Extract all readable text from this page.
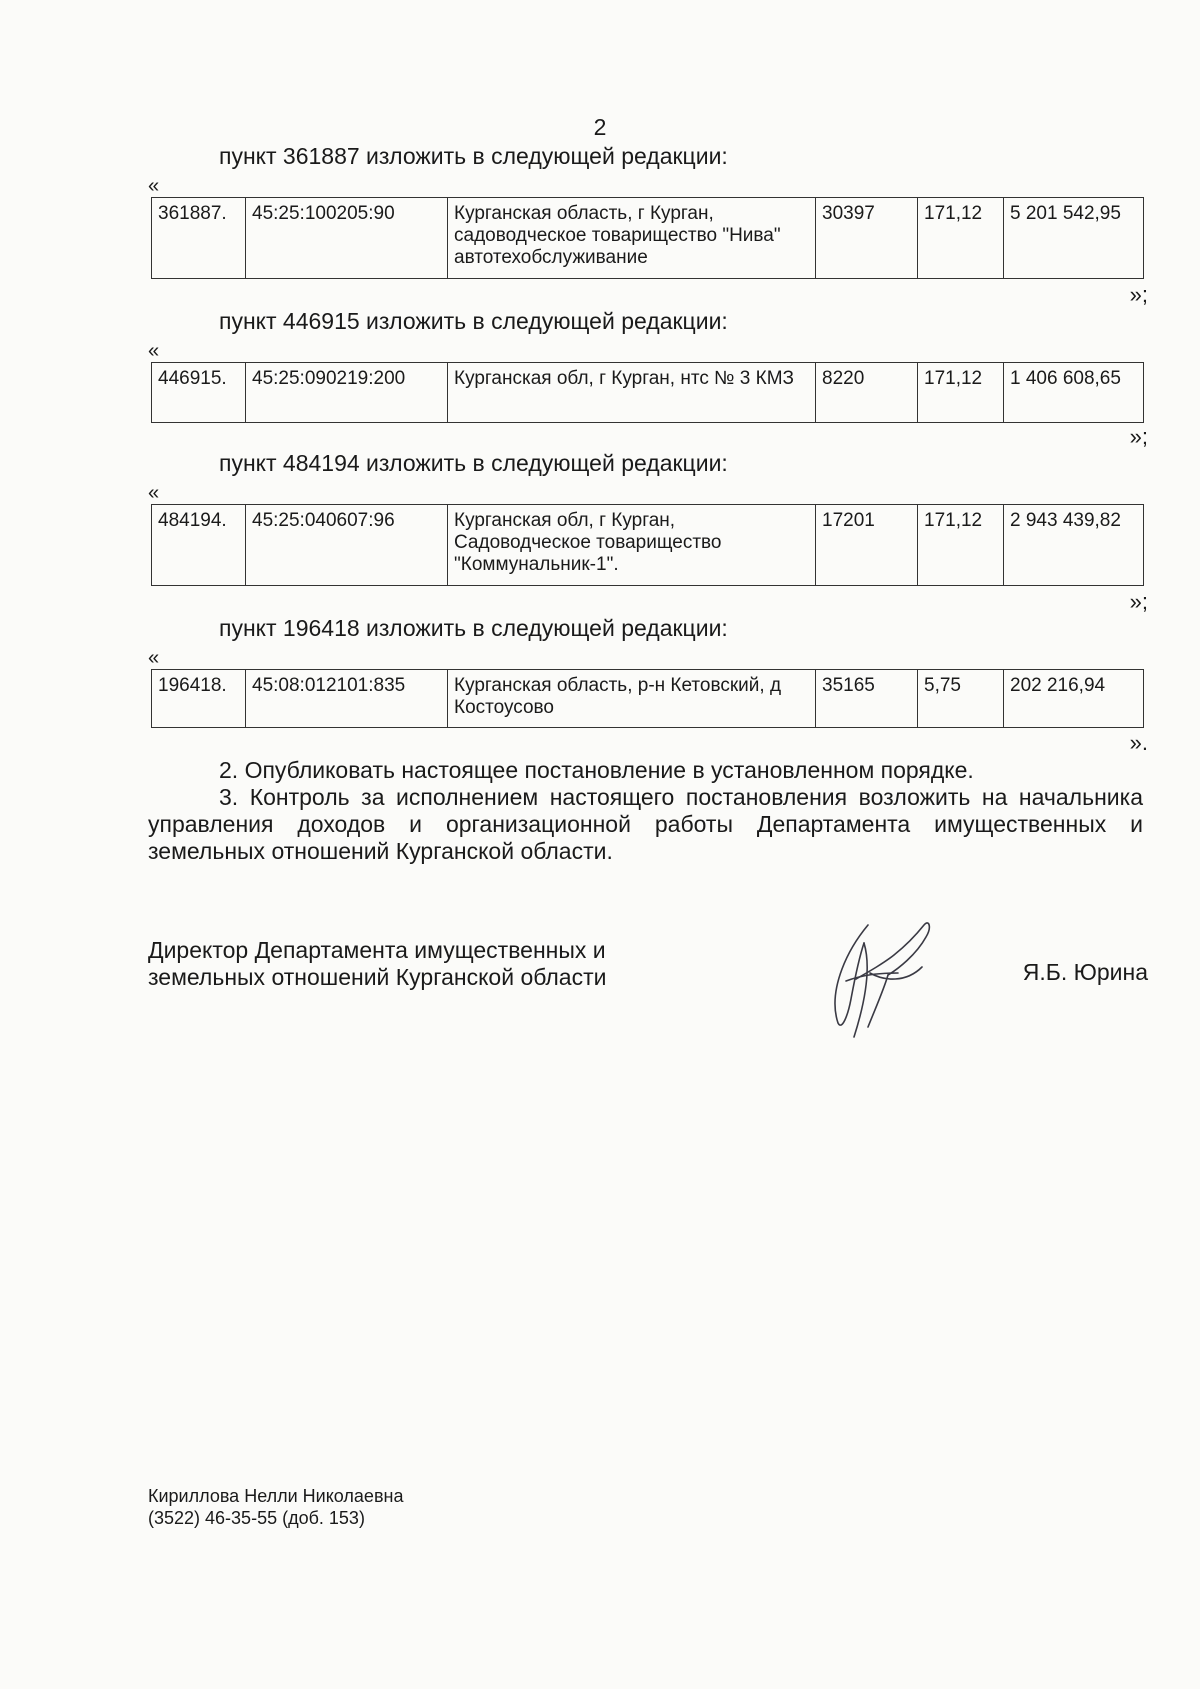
2
пункт 361887 изложить в следующей редакции:
«
361887.	45:25:100205:90	Курганская область, г Курган, садоводческое товарищество "Нива" автотехобслуживание	30397	171,12	5 201 542,95
»;
пункт 446915 изложить в следующей редакции:
«
446915.	45:25:090219:200	Курганская обл, г Курган, нтс № 3 КМЗ	8220	171,12	1 406 608,65
»;
пункт 484194 изложить в следующей редакции:
«
484194.	45:25:040607:96	Курганская обл, г Курган, Садоводческое товарищество "Коммунальник-1".	17201	171,12	2 943 439,82
»;
пункт 196418 изложить в следующей редакции:
«
196418.	45:08:012101:835	Курганская область, р-н Кетовский, д Костоусово	35165	5,75	202 216,94
».

2. Опубликовать настоящее постановление в установленном порядке.

3. Контроль за исполнением настоящего постановления возложить на начальника управления доходов и организационной работы Департамента имущественных и земельных отношений Курганской области.

Директор Департамента имущественных и земельных отношений Курганской области	Я.Б. Юрина
Кириллова Нелли Николаевна
(3522) 46-35-55 (доб. 153)
